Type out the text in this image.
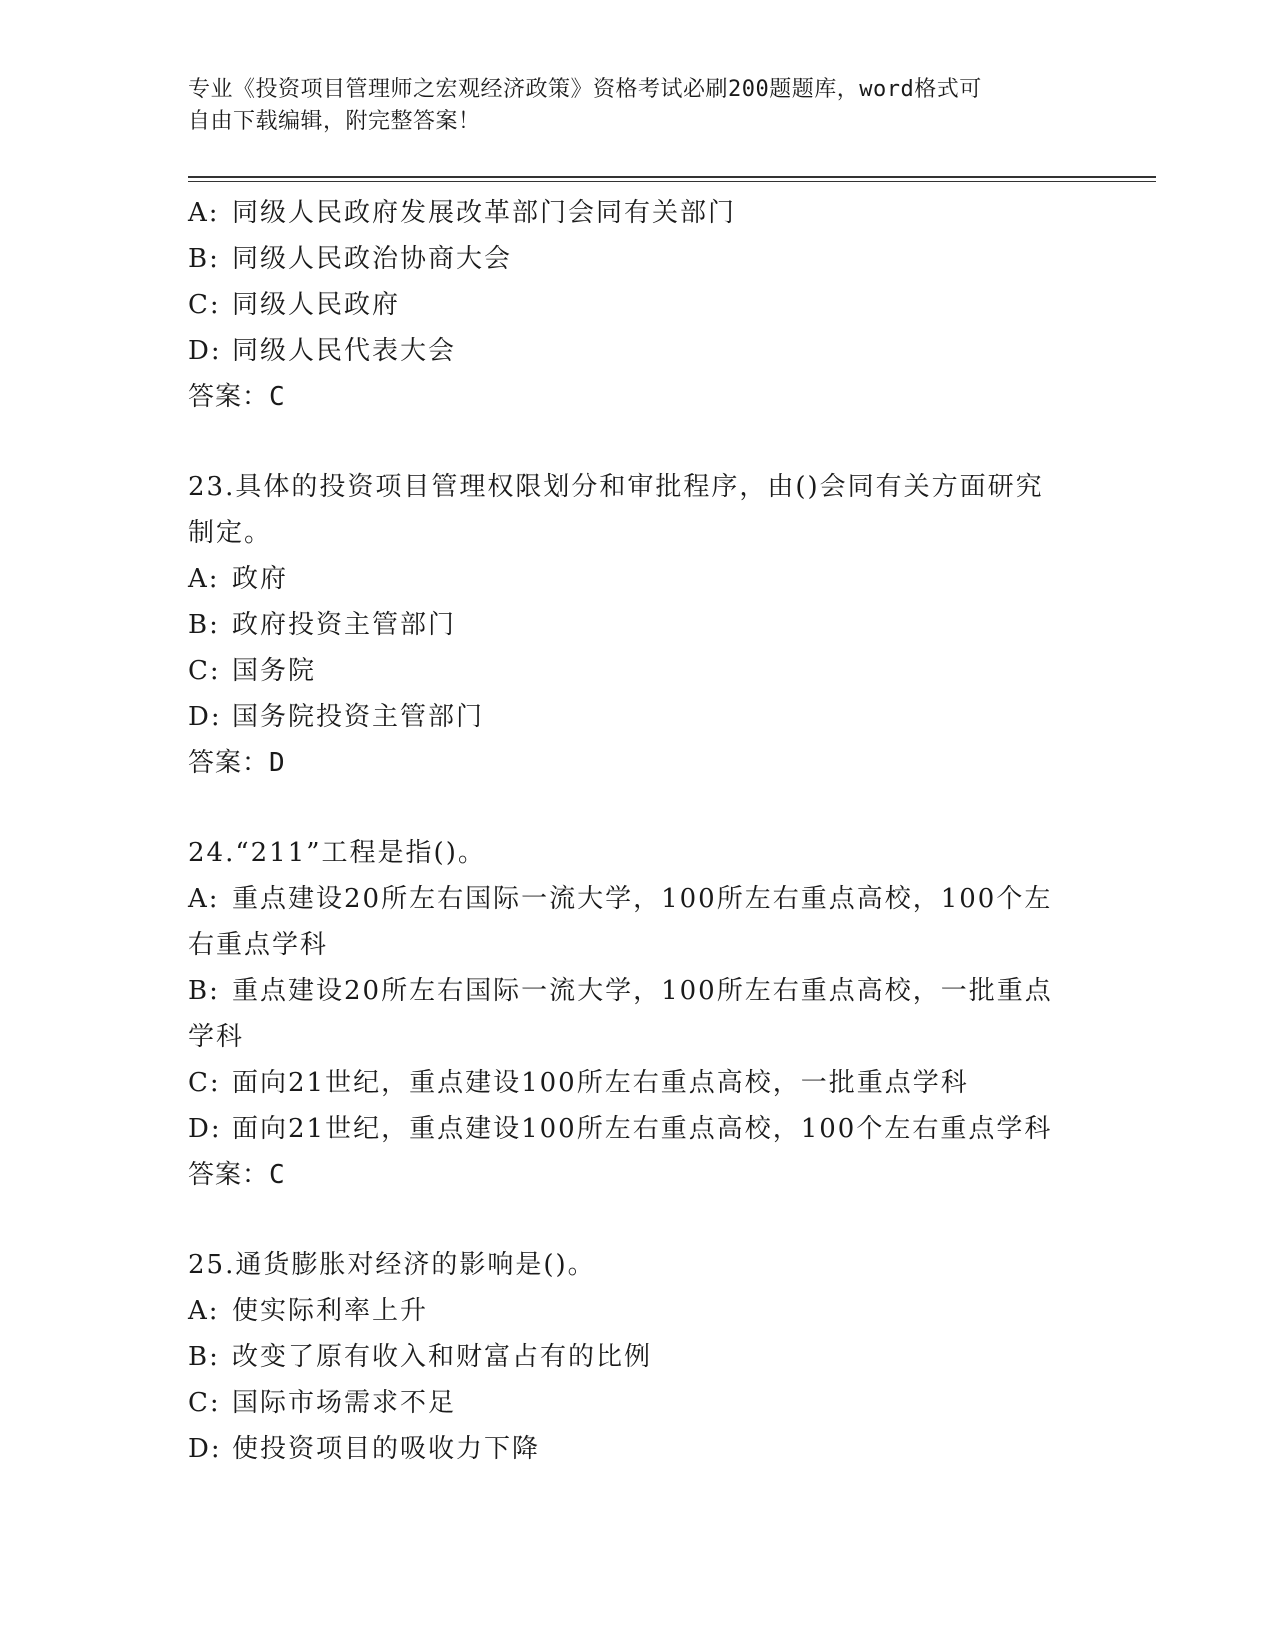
专业《投资项目管理师之宏观经济政策》资格考试必刷200题题库，word格式可
自由下载编辑，附完整答案！
A: 同级人民政府发展改革部门会同有关部门
B: 同级人民政治协商大会
C: 同级人民政府
D: 同级人民代表大会
答案：C
23.具体的投资项目管理权限划分和审批程序，由()会同有关方面研究
制定。
A: 政府
B: 政府投资主管部门
C: 国务院
D: 国务院投资主管部门
答案：D
24.“211”工程是指()。
A: 重点建设20所左右国际一流大学，100所左右重点高校，100个左
右重点学科
B: 重点建设20所左右国际一流大学，100所左右重点高校，一批重点
学科
C: 面向21世纪，重点建设100所左右重点高校，一批重点学科
D: 面向21世纪，重点建设100所左右重点高校，100个左右重点学科
答案：C
25.通货膨胀对经济的影响是()。
A: 使实际利率上升
B: 改变了原有收入和财富占有的比例
C: 国际市场需求不足
D: 使投资项目的吸收力下降
